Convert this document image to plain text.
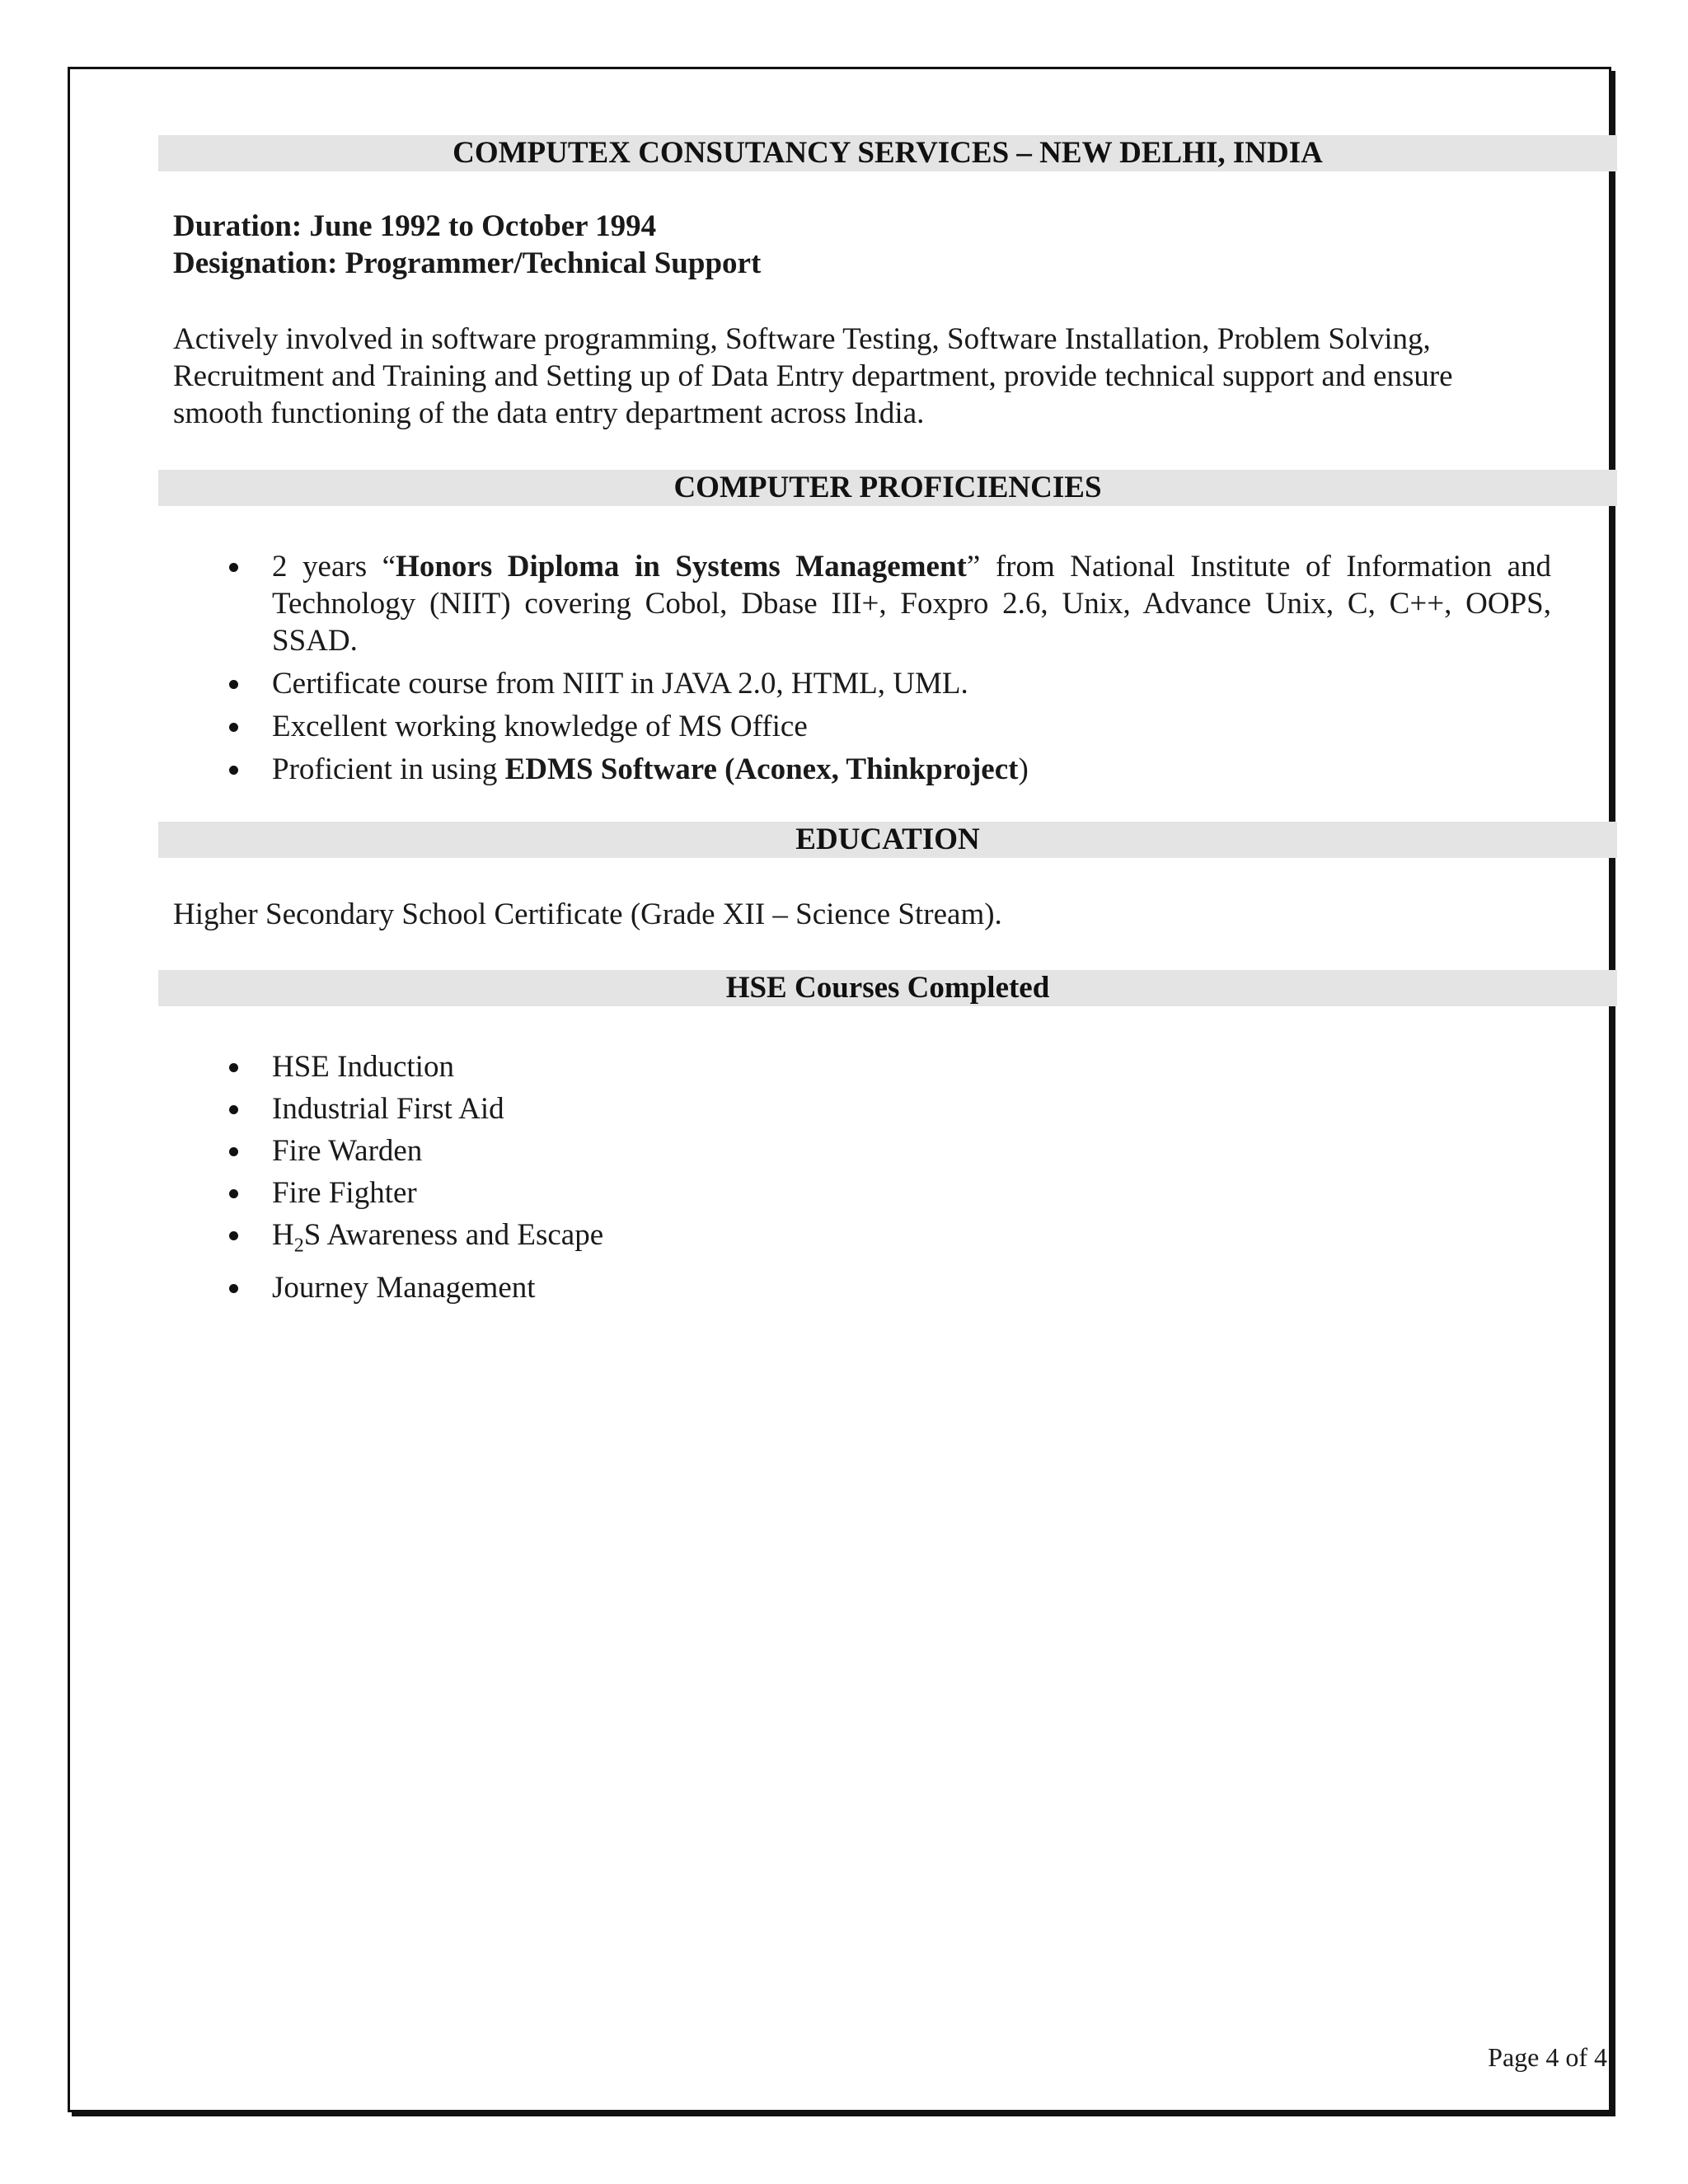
COMPUTEX CONSUTANCY SERVICES – NEW DELHI, INDIA
Duration: June 1992 to October 1994
Designation: Programmer/Technical Support
Actively involved in software programming, Software Testing, Software Installation, Problem Solving, Recruitment and Training and Setting up of Data Entry department, provide technical support and ensure smooth functioning of the data entry department across India.
COMPUTER PROFICIENCIES
2 years “Honors Diploma in Systems Management” from National Institute of Information and Technology (NIIT) covering Cobol, Dbase III+, Foxpro 2.6, Unix, Advance Unix, C, C++, OOPS, SSAD.
Certificate course from NIIT in JAVA 2.0, HTML, UML.
Excellent working knowledge of MS Office
Proficient in using EDMS Software (Aconex, Thinkproject)
EDUCATION
Higher Secondary School Certificate (Grade XII – Science Stream).
HSE Courses Completed
HSE Induction
Industrial First Aid
Fire Warden
Fire Fighter
$H_2S$ Awareness and Escape
Journey Management
Page 4 of 4
